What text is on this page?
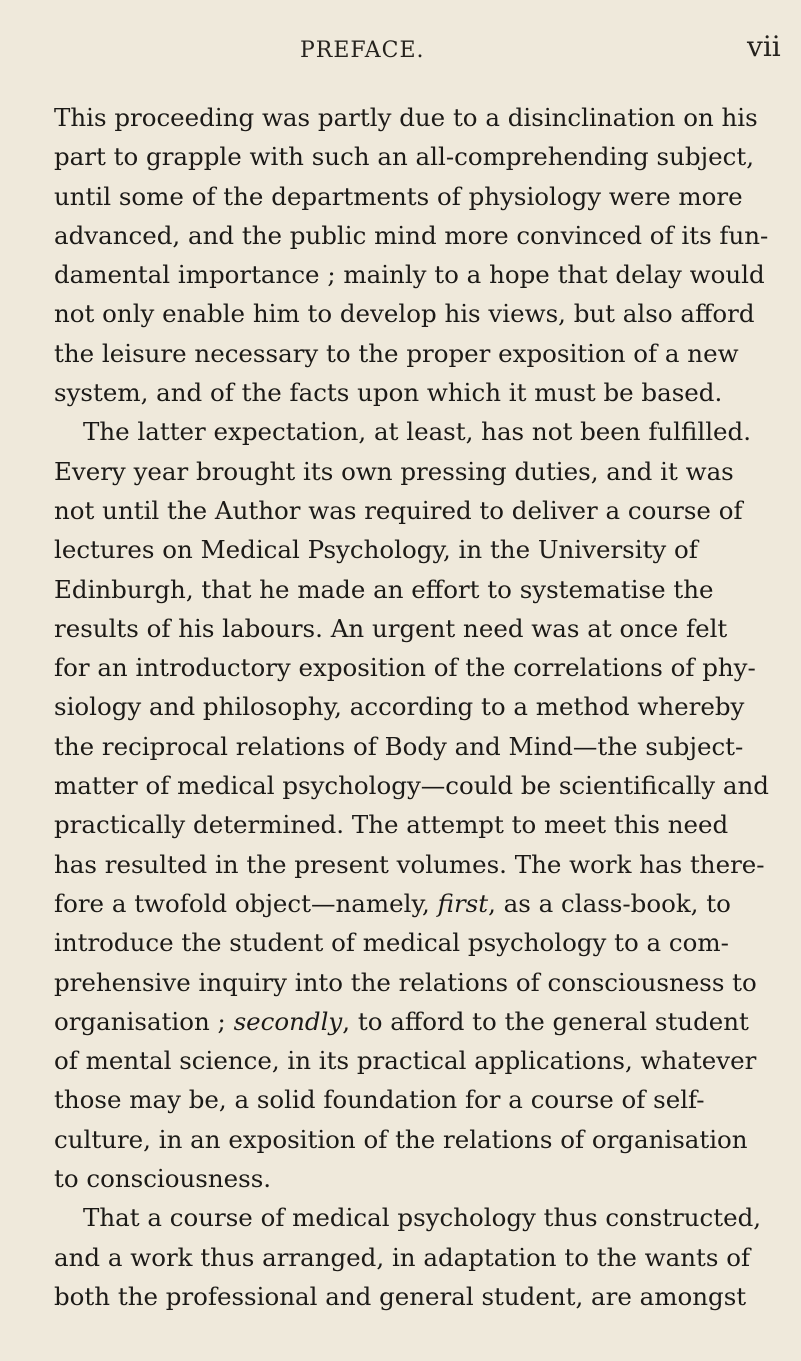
PREFACE.	vii
This proceeding was partly due to a disinclination on his
part to grapple with such an all-comprehending subject,
until some of the departments of physiology were more
advanced, and the public mind more convinced of its fun-
damental importance ; mainly to a hope that delay would
not only enable him to develop his views, but also afford
the leisure necessary to the proper exposition of a new
system, and of the facts upon which it must be based.
The latter expectation, at least, has not been fulfilled.
Every year brought its own pressing duties, and it was
not until the Author was required to deliver a course of
lectures on Medical Psychology, in the University of
Edinburgh, that he made an effort to systematise the
results of his labours. An urgent need was at once felt
for an introductory exposition of the correlations of phy-
siology and philosophy, according to a method whereby
the reciprocal relations of Body and Mind—the subject-
matter of medical psychology—could be scientifically and
practically determined. The attempt to meet this need
has resulted in the present volumes. The work has there-
fore a twofold object—namely, first, as a class-book, to
introduce the student of medical psychology to a com-
prehensive inquiry into the relations of consciousness to
organisation ; secondly, to afford to the general student
of mental science, in its practical applications, whatever
those may be, a solid foundation for a course of self-
culture, in an exposition of the relations of organisation
to consciousness.
That a course of medical psychology thus constructed,
and a work thus arranged, in adaptation to the wants of
both the professional and general student, are amongst
